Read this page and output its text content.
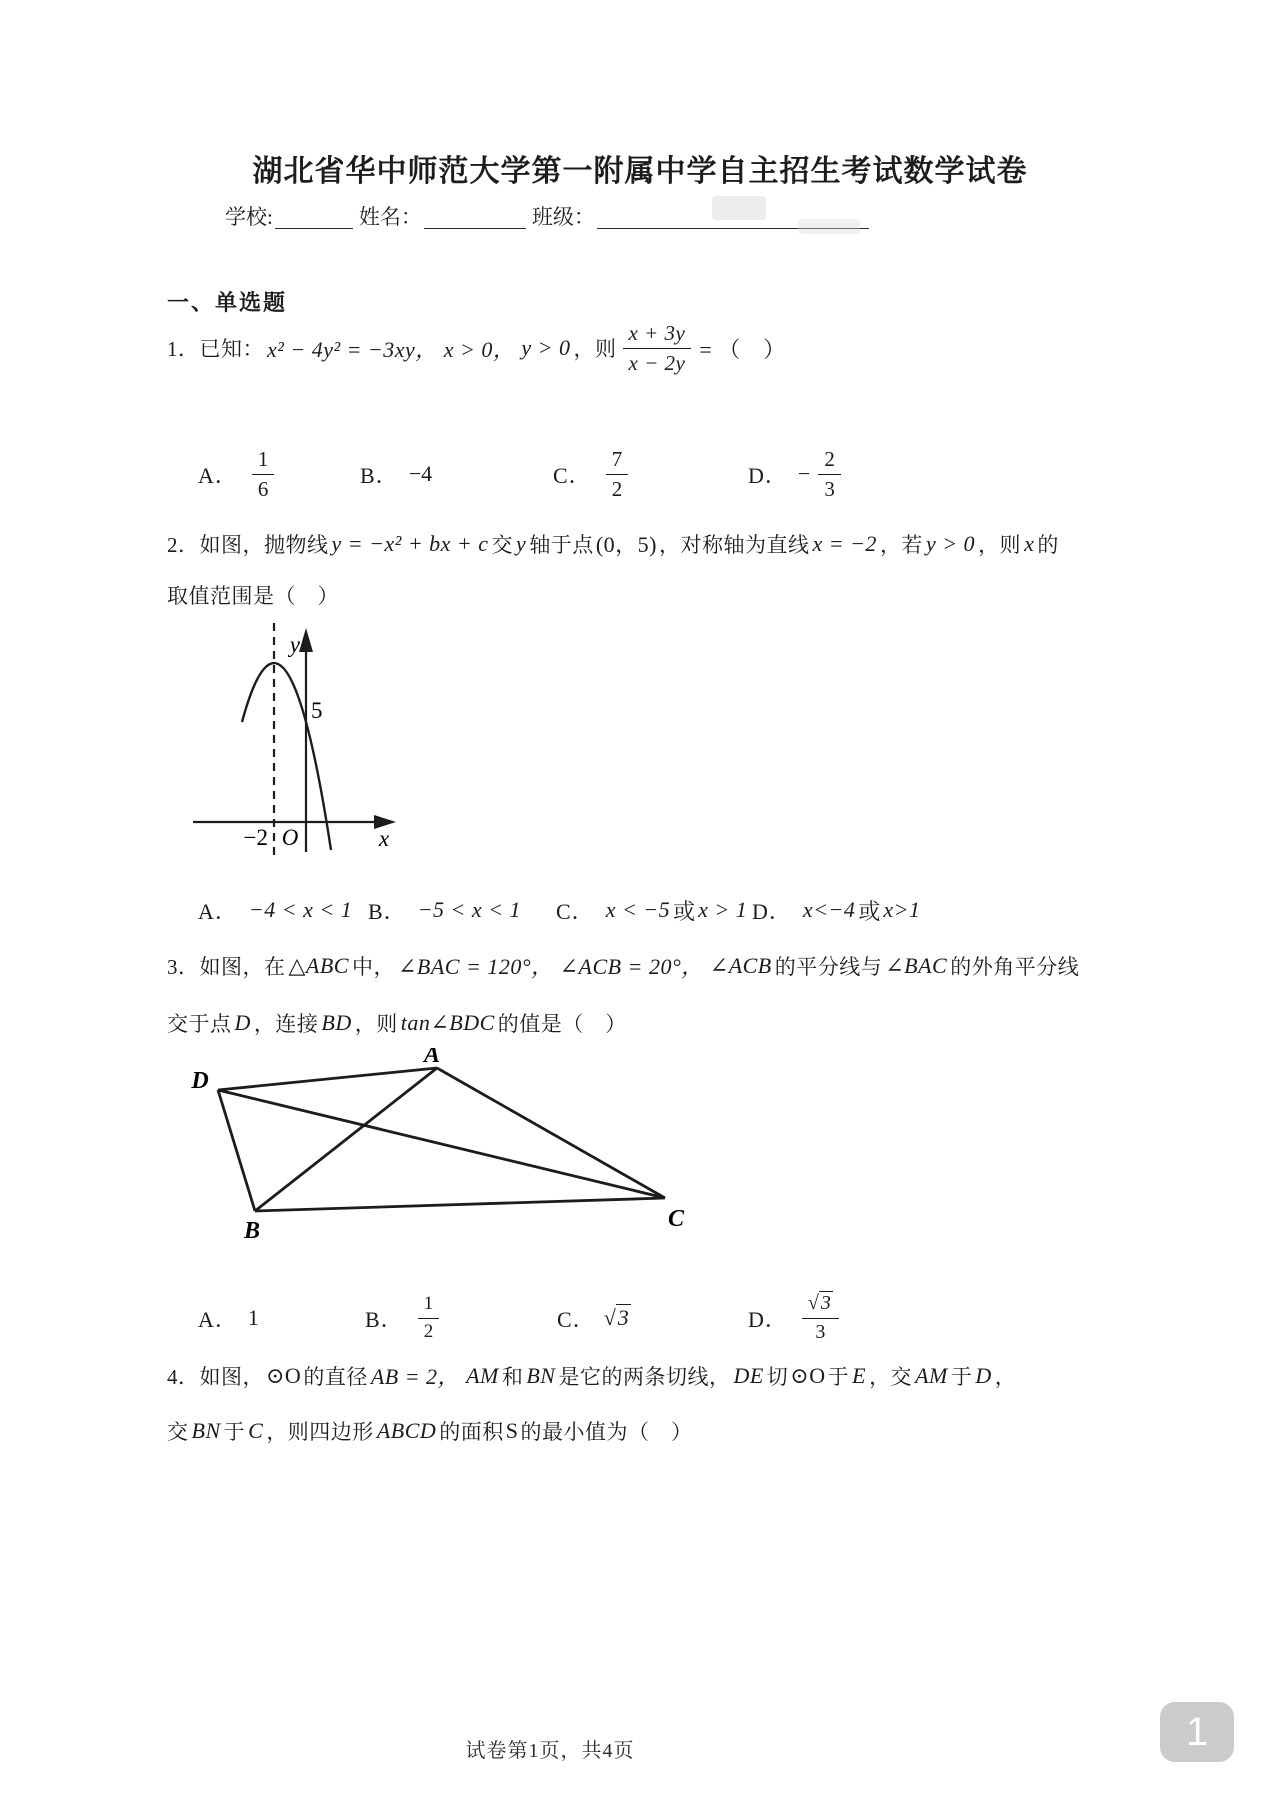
湖北省华中师范大学第一附属中学自主招生考试数学试卷
学校:	姓名：	班级：
一、单选题
1．已知： x² − 4y² = −3xy， x > 0， y > 0 ，则 $\frac{x + 3y}{x - 2y}$ = （　）
A． $\frac{1}{6}$	B． −4	C． $\frac{7}{2}$	D． − $\frac{2}{3}$
2．如图，抛物线 y = −x² + bx + c 交 y 轴于点 (0，5) ，对称轴为直线 x = −2 ，若 y > 0 ，则 x 的
取值范围是（　）
y
5
−2 O	x
A． −4 < x < 1 B． −5 < x < 1 C． x < −5 或 x > 1 D． x<−4 或 x>1
3．如图，在 △ABC 中， ∠BAC = 120°， ∠ACB = 20°， ∠ACB 的平分线与 ∠BAC 的外角平分线
交于点 D ，连接 BD ，则 tan∠BDC 的值是（　）
A
D
B	C
A． 1	B． $\frac{1}{2}$	C． √3	D． $\frac{√ 3}{3}$
4．如图， ⊙O 的直径 AB = 2， AM 和 BN 是它的两条切线， DE 切 ⊙O 于 E ，交 AM 于 D ，
交 BN 于 C ，则四边形 ABCD 的面积 S 的最小值为（　）
试卷第1页，共4页	1
